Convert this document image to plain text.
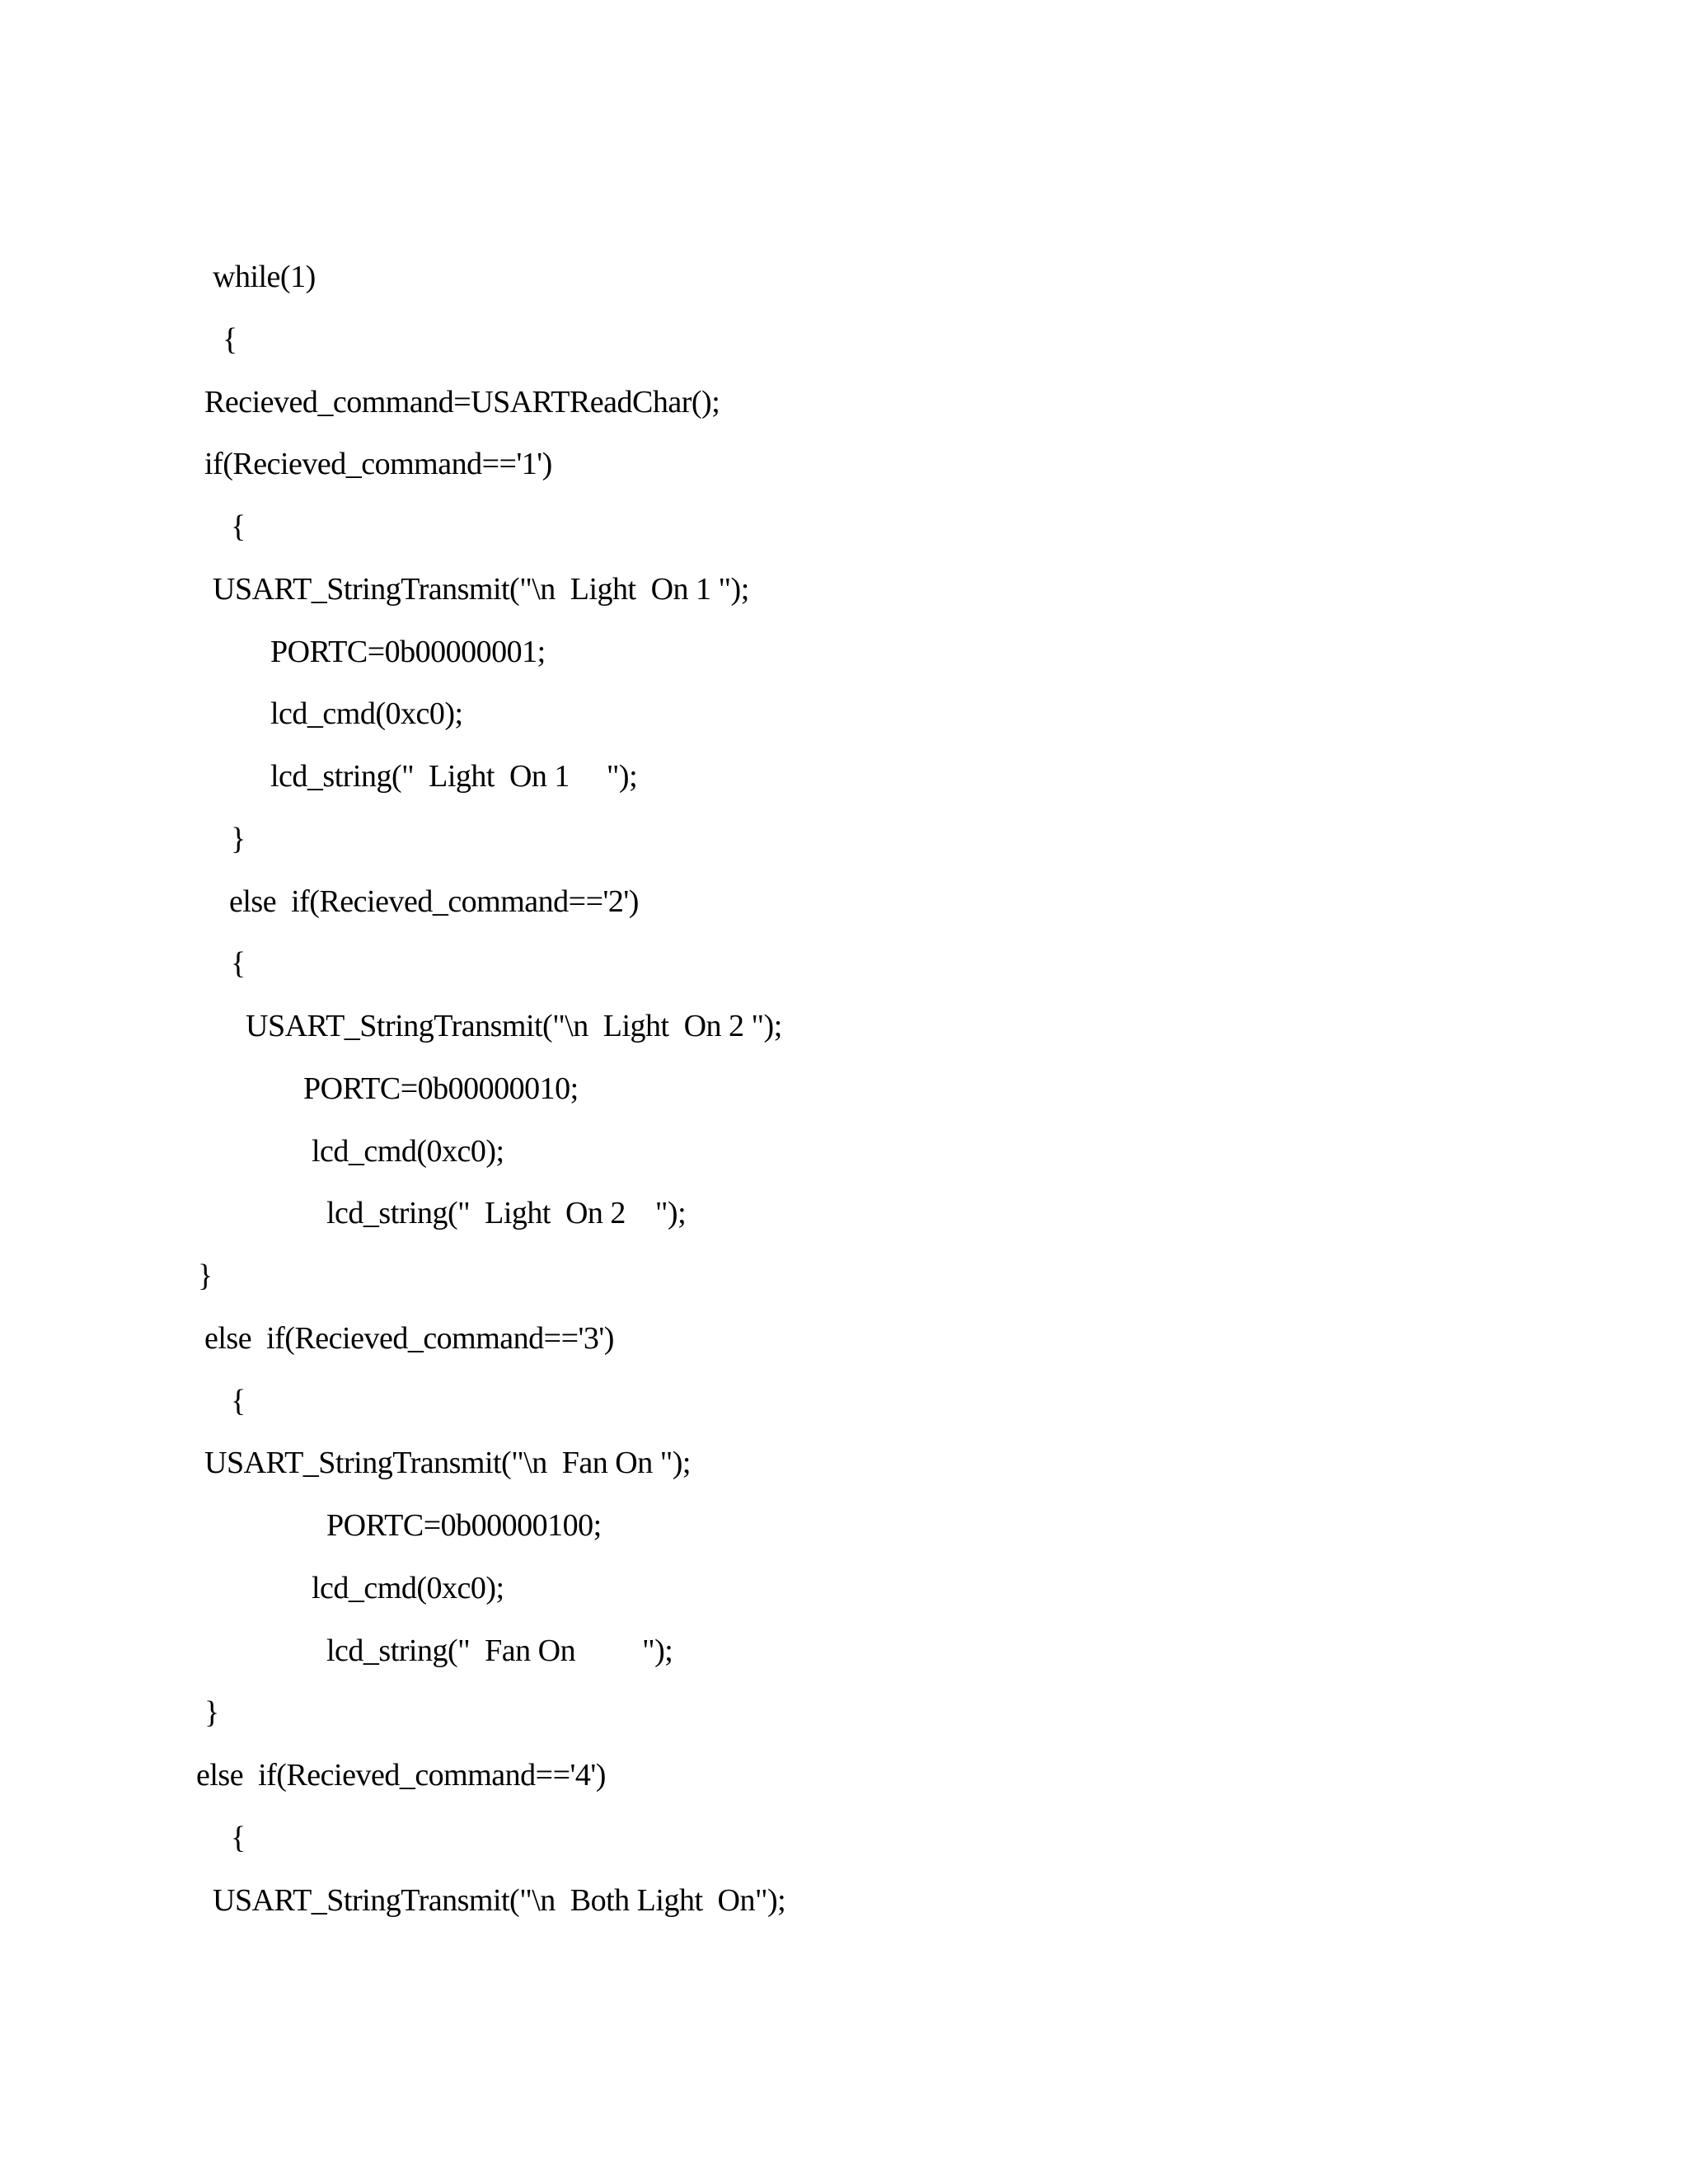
while(1)

{

Recieved_command=USARTReadChar();

if(Recieved_command=='1')

{

USART_StringTransmit("\n  Light  On 1 ");

PORTC=0b00000001;

lcd_cmd(0xc0);

lcd_string("  Light  On 1     ");

}

else  if(Recieved_command=='2')

{

USART_StringTransmit("\n  Light  On 2 ");

PORTC=0b00000010;

lcd_cmd(0xc0);

lcd_string("  Light  On 2    ");

}

else  if(Recieved_command=='3')

{

USART_StringTransmit("\n  Fan On ");

PORTC=0b00000100;

lcd_cmd(0xc0);

lcd_string("  Fan On         ");

}

else  if(Recieved_command=='4')

{

USART_StringTransmit("\n  Both Light  On");
